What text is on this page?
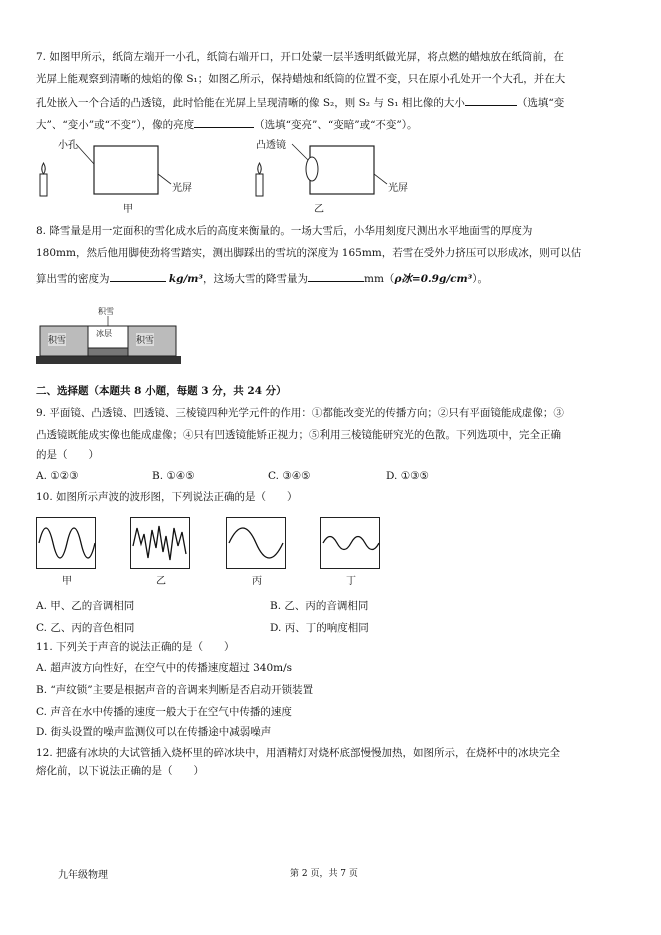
7. 如图甲所示，纸筒左端开一小孔，纸筒右端开口，开口处蒙一层半透明纸做光屏，将点燃的蜡烛放在纸筒前，在
光屏上能观察到清晰的烛焰的像 S₁；如图乙所示，保持蜡烛和纸筒的位置不变，只在原小孔处开一个大孔，并在大
孔处嵌入一个合适的凸透镜，此时恰能在光屏上呈现清晰的像 S₂，则 S₂ 与 S₁ 相比像的大小	（选填“变
大”、“变小”或“不变”），像的亮度	（选填“变亮”、“变暗”或“不变”）。
小孔
光屏
甲
凸透镜
光屏
乙
8. 降雪量是用一定面积的雪化成水后的高度来衡量的。一场大雪后，小华用刻度尺测出水平地面雪的厚度为
180mm，然后他用脚使劲将雪踏实，测出脚踩出的雪坑的深度为 165mm，若雪在受外力挤压可以形成冰，则可以估
算出雪的密度为	kg/m³，这场大雪的降雪量为	mm（ρ冰=0.9g/cm³）。
积雪
冰层
积雪	积雪
二、选择题（本题共 8 小题，每题 3 分，共 24 分）
9. 平面镜、凸透镜、凹透镜、三棱镜四种光学元件的作用：①都能改变光的传播方向；②只有平面镜能成虚像；③
凸透镜既能成实像也能成虚像；④只有凹透镜能矫正视力；⑤利用三棱镜能研究光的色散。下列选项中，完全正确
的是（　　）
A. ①②③	B. ①④⑤	C. ③④⑤	D. ①③⑤
10. 如图所示声波的波形图，下列说法正确的是（　　）
甲	乙	丙	丁
A. 甲、乙的音调相同	B. 乙、丙的音调相同
C. 乙、丙的音色相同	D. 丙、丁的响度相同
11. 下列关于声音的说法正确的是（　　）
A. 超声波方向性好，在空气中的传播速度超过 340m/s
B. “声纹锁”主要是根据声音的音调来判断是否启动开锁装置
C. 声音在水中传播的速度一般大于在空气中传播的速度
D. 街头设置的噪声监测仪可以在传播途中减弱噪声
12. 把盛有冰块的大试管插入烧杯里的碎冰块中，用酒精灯对烧杯底部慢慢加热，如图所示，在烧杯中的冰块完全
熔化前，以下说法正确的是（　　）
九年级物理	第 2 页，共 7 页
